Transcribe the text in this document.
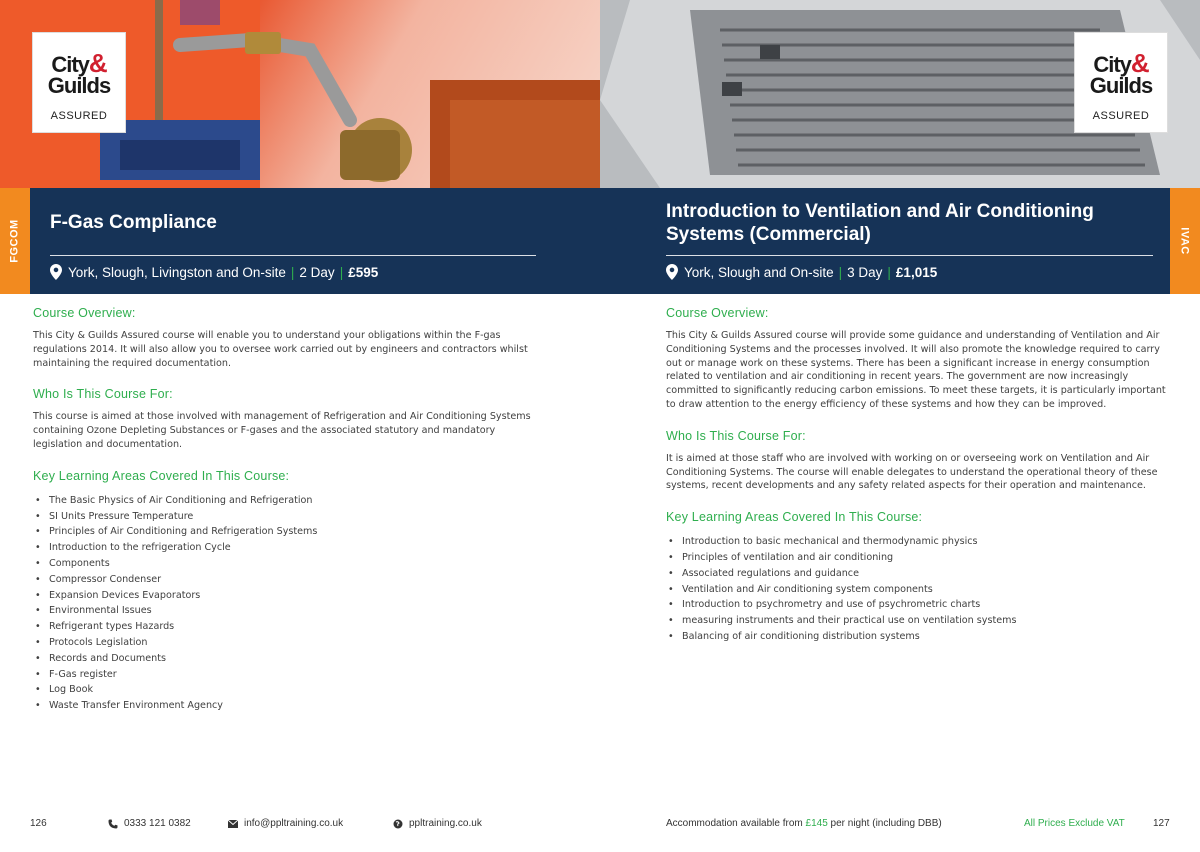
City&
Guilds
ASSURED
City&
Guilds
ASSURED
FGCOM	IVAC
F-Gas Compliance
York, Slough, Livingston and On-site | 2 Day | £595
Introduction to Ventilation and Air Conditioning
Systems (Commercial)
York, Slough and On-site | 3 Day | £1,015
Course Overview:

This City & Guilds Assured course will enable you to understand your obligations within the F-gas regulations 2014. It will also allow you to oversee work carried out by engineers and contractors whilst maintaining the required documentation.

Who Is This Course For:

This course is aimed at those involved with management of Refrigeration and Air Conditioning Systems containing Ozone Depleting Substances or F-gases and the associated statutory and mandatory legislation and documentation.

Key Learning Areas Covered In This Course:
• The Basic Physics of Air Conditioning and Refrigeration
• SI Units Pressure Temperature
• Principles of Air Conditioning and Refrigeration Systems
• Introduction to the refrigeration Cycle
• Components
• Compressor Condenser
• Expansion Devices Evaporators
• Environmental Issues
• Refrigerant types Hazards
• Protocols Legislation
• Records and Documents
• F-Gas register
• Log Book
• Waste Transfer Environment Agency
Course Overview:

This City & Guilds Assured course will provide some guidance and understanding of Ventilation and Air Conditioning Systems and the processes involved. It will also promote the knowledge required to carry out or manage work on these systems. There has been a significant increase in energy consumption related to ventilation and air conditioning in recent years. The government are now increasingly committed to significantly reducing carbon emissions. To meet these targets, it is particularly important to draw attention to the energy efficiency of these systems and how they can be improved.

Who Is This Course For:

It is aimed at those staff who are involved with working on or overseeing work on Ventilation and Air Conditioning Systems. The course will enable delegates to understand the operational theory of these systems, recent developments and any safety related aspects for their operation and maintenance.

Key Learning Areas Covered In This Course:
• Introduction to basic mechanical and thermodynamic physics
• Principles of ventilation and air conditioning
• Associated regulations and guidance
• Ventilation and Air conditioning system components
• Introduction to psychrometry and use of psychrometric charts
• measuring instruments and their practical use on ventilation systems
• Balancing of air conditioning distribution systems
126	0333 121 0382	info@ppltraining.co.uk	ppltraining.co.uk	Accommodation available from
£145
per night (including DBB)	All Prices Exclude VAT	127
